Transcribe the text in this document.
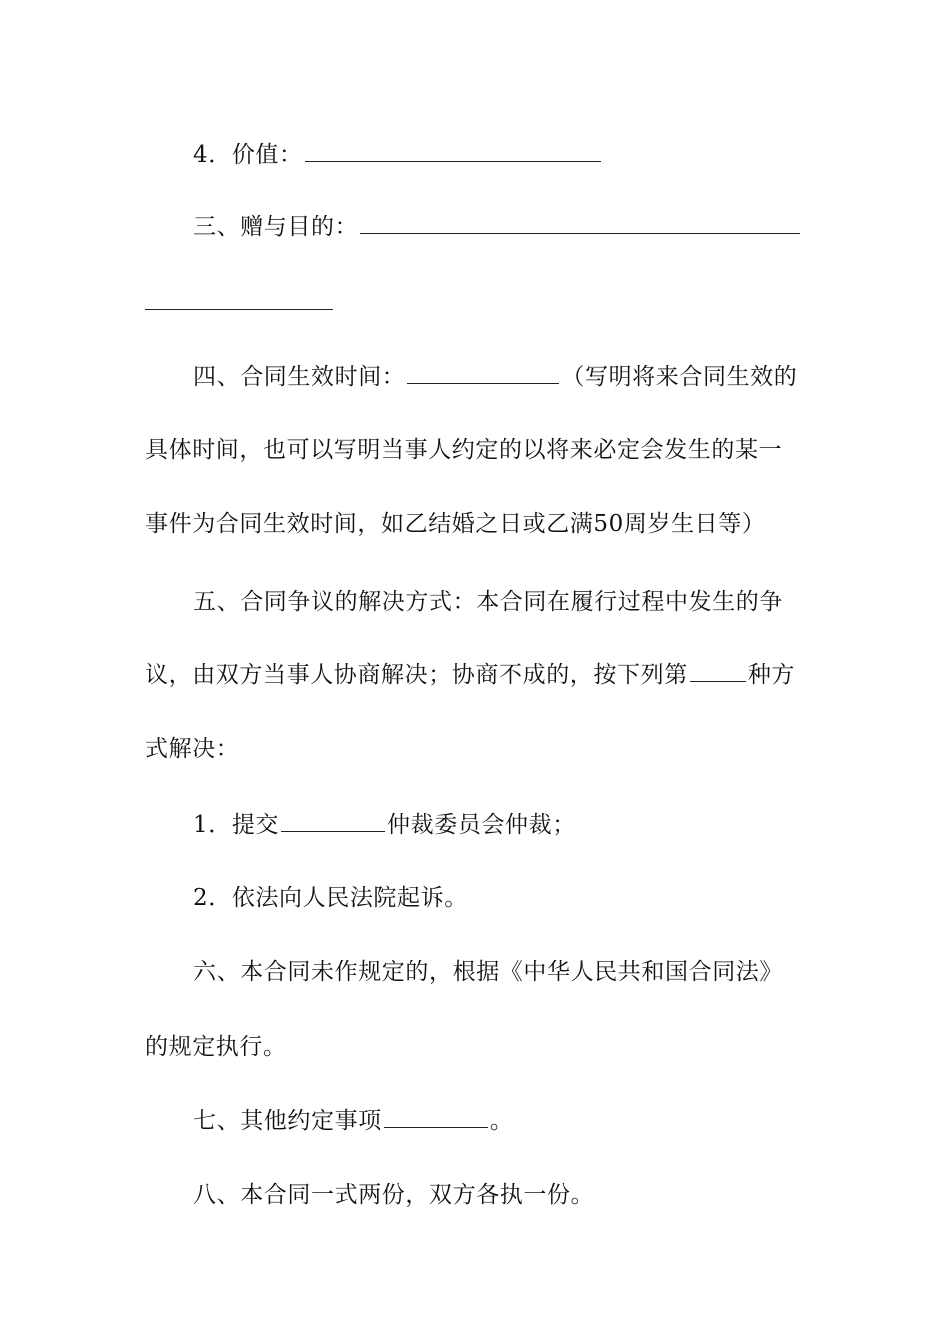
4．价值：
三、赠与目的：
四、合同生效时间：	（写明将来合同生效的
具体时间，也可以写明当事人约定的以将来必定会发生的某一
事件为合同生效时间，如乙结婚之日或乙满50周岁生日等）
五、合同争议的解决方式：本合同在履行过程中发生的争
议，由双方当事人协商解决；协商不成的，按下列第	种方
式解决：
1．提交	仲裁委员会仲裁；
2．依法向人民法院起诉。
六、本合同未作规定的，根据《中华人民共和国合同法》
的规定执行。
七、其他约定事项	。
八、本合同一式两份，双方各执一份。
